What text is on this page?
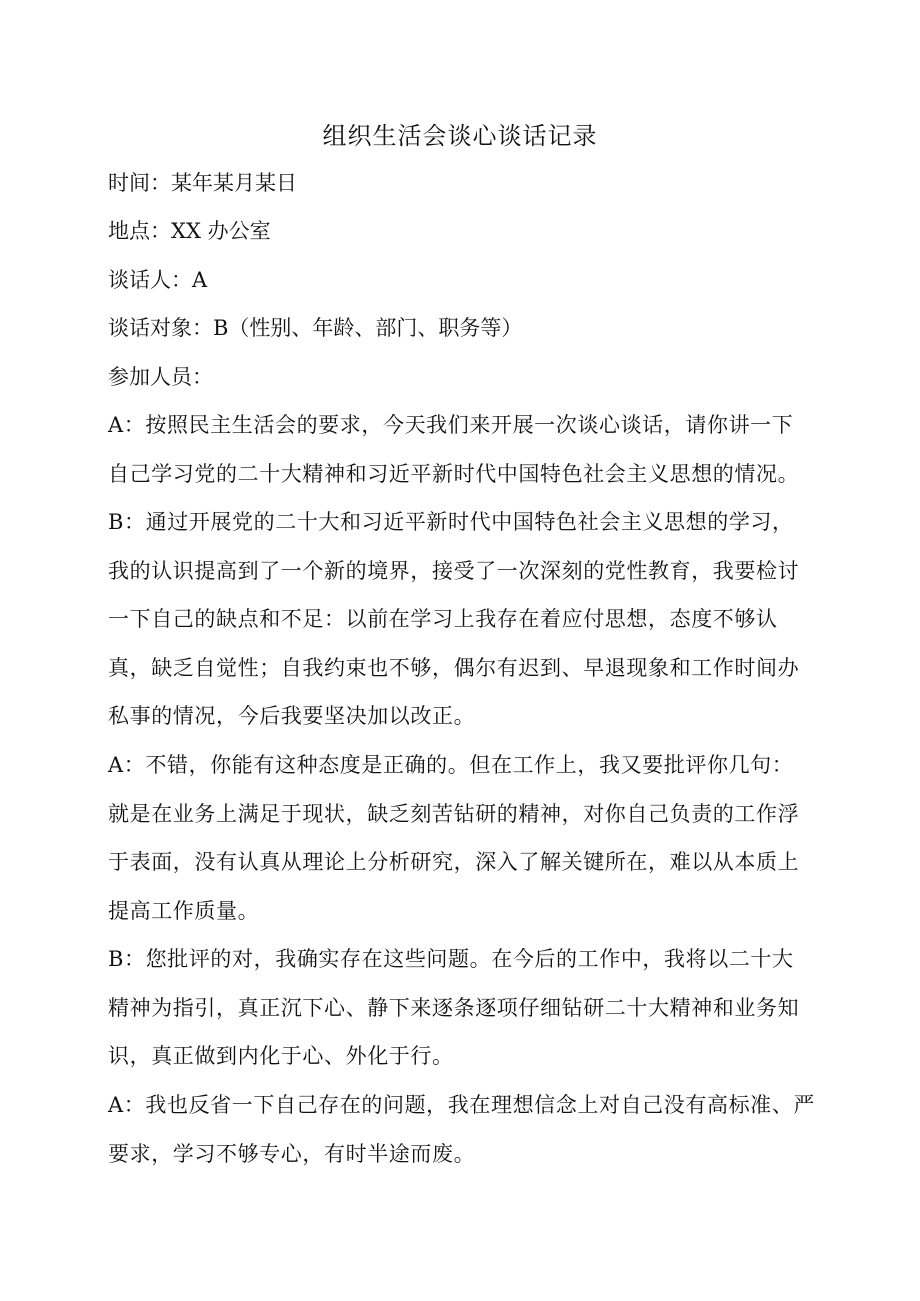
组织生活会谈心谈话记录

时间：某年某月某日

地点：XX 办公室

谈话人：A

谈话对象：B（性别、年龄、部门、职务等）

参加人员：

A：按照民主生活会的要求，今天我们来开展一次谈心谈话，请你讲一下
自己学习党的二十大精神和习近平新时代中国特色社会主义思想的情况。
B：通过开展党的二十大和习近平新时代中国特色社会主义思想的学习，
我的认识提高到了一个新的境界，接受了一次深刻的党性教育，我要检讨
一下自己的缺点和不足：以前在学习上我存在着应付思想，态度不够认
真，缺乏自觉性；自我约束也不够，偶尔有迟到、早退现象和工作时间办
私事的情况，今后我要坚决加以改正。
A：不错，你能有这种态度是正确的。但在工作上，我又要批评你几句：
就是在业务上满足于现状，缺乏刻苦钻研的精神，对你自己负责的工作浮
于表面，没有认真从理论上分析研究，深入了解关键所在，难以从本质上
提高工作质量。
B：您批评的对，我确实存在这些问题。在今后的工作中，我将以二十大
精神为指引，真正沉下心、静下来逐条逐项仔细钻研二十大精神和业务知
识，真正做到内化于心、外化于行。
A：我也反省一下自己存在的问题，我在理想信念上对自己没有高标准、严
要求，学习不够专心，有时半途而废。
